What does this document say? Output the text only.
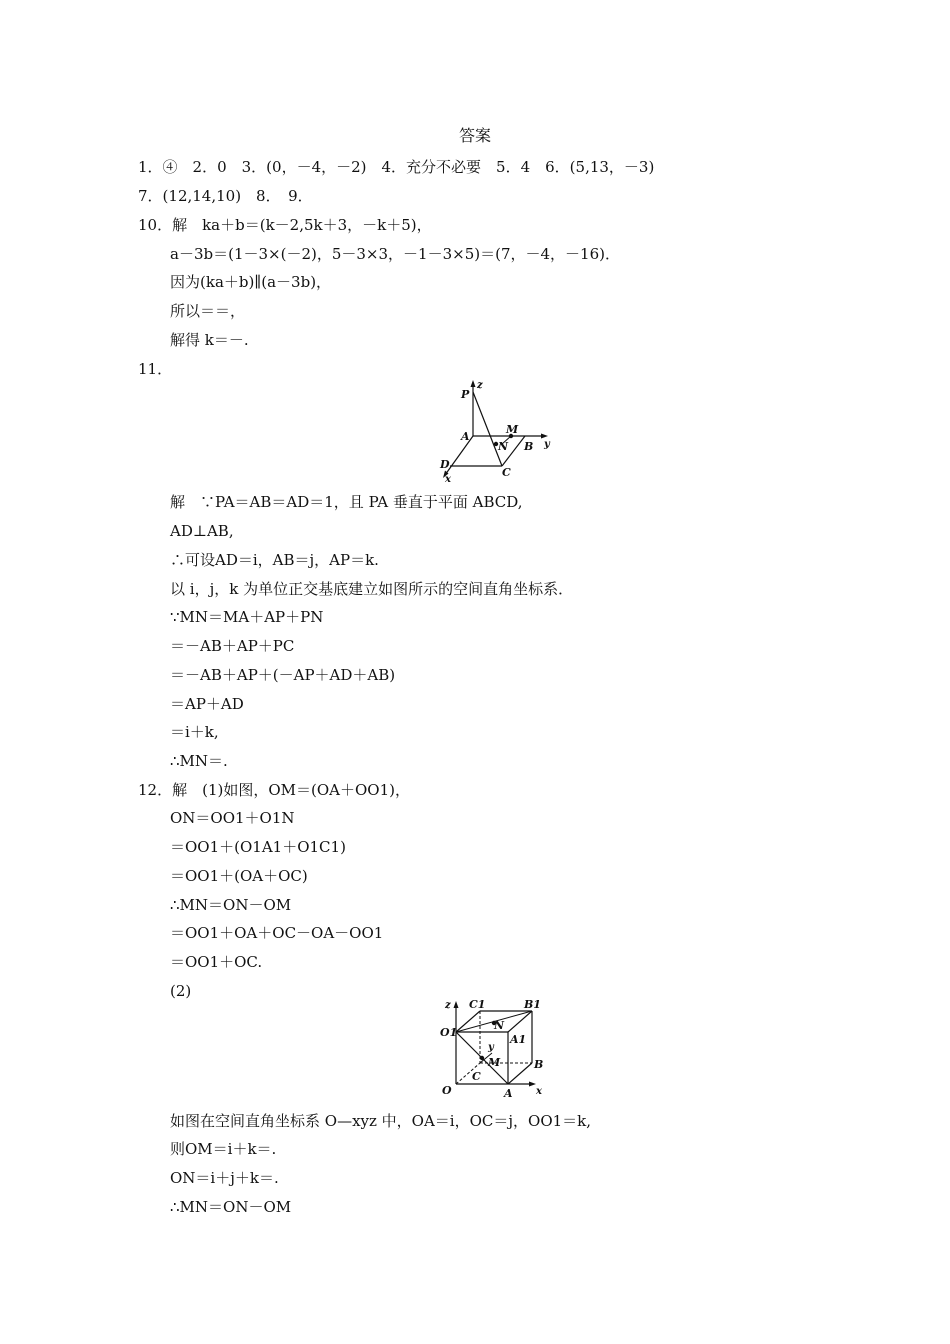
答案
1．④　2．0　3．(0，－4，－2)　4．充分不必要　5．4　6．(5,13，－3)
7．(12,14,10)　8．　9．
10．解　ka＋b＝(k－2,5k＋3，－k＋5)，
a－3b＝(1－3×(－2)，5－3×3，－1－3×5)＝(7，－4，－16)．
因为(ka＋b)∥(a－3b)，
所以＝＝，
解得 k＝－.
11．
P
z
A
M
N B y
D
C
x
解　∵PA＝AB＝AD＝1，且 PA 垂直于平面 ABCD,
AD⊥AB,
∴可设AD＝i，AB＝j，AP＝k.
以 i，j，k 为单位正交基底建立如图所示的空间直角坐标系．
∵MN＝MA＋AP＋PN
＝－AB＋AP＋PC
＝－AB＋AP＋(－AP＋AD＋AB)
＝AP＋AD
＝i＋k,
∴MN＝.
12．解　(1)如图，OM＝(OA＋OO1)，
ON＝OO1＋O1N
＝OO1＋(O1A1＋O1C1)
＝OO1＋(OA＋OC)
∴MN＝ON－OM
＝OO1＋OA＋OC－OA－OO1
＝OO1＋OC.
(2)
z C1	B1
O1
N
A1
y
M	B
C
O	A x
如图在空间直角坐标系 O—xyz 中，OA＝i，OC＝j，OO1＝k,
则OM＝i＋k＝.
ON＝i＋j＋k＝.
∴MN＝ON－OM
